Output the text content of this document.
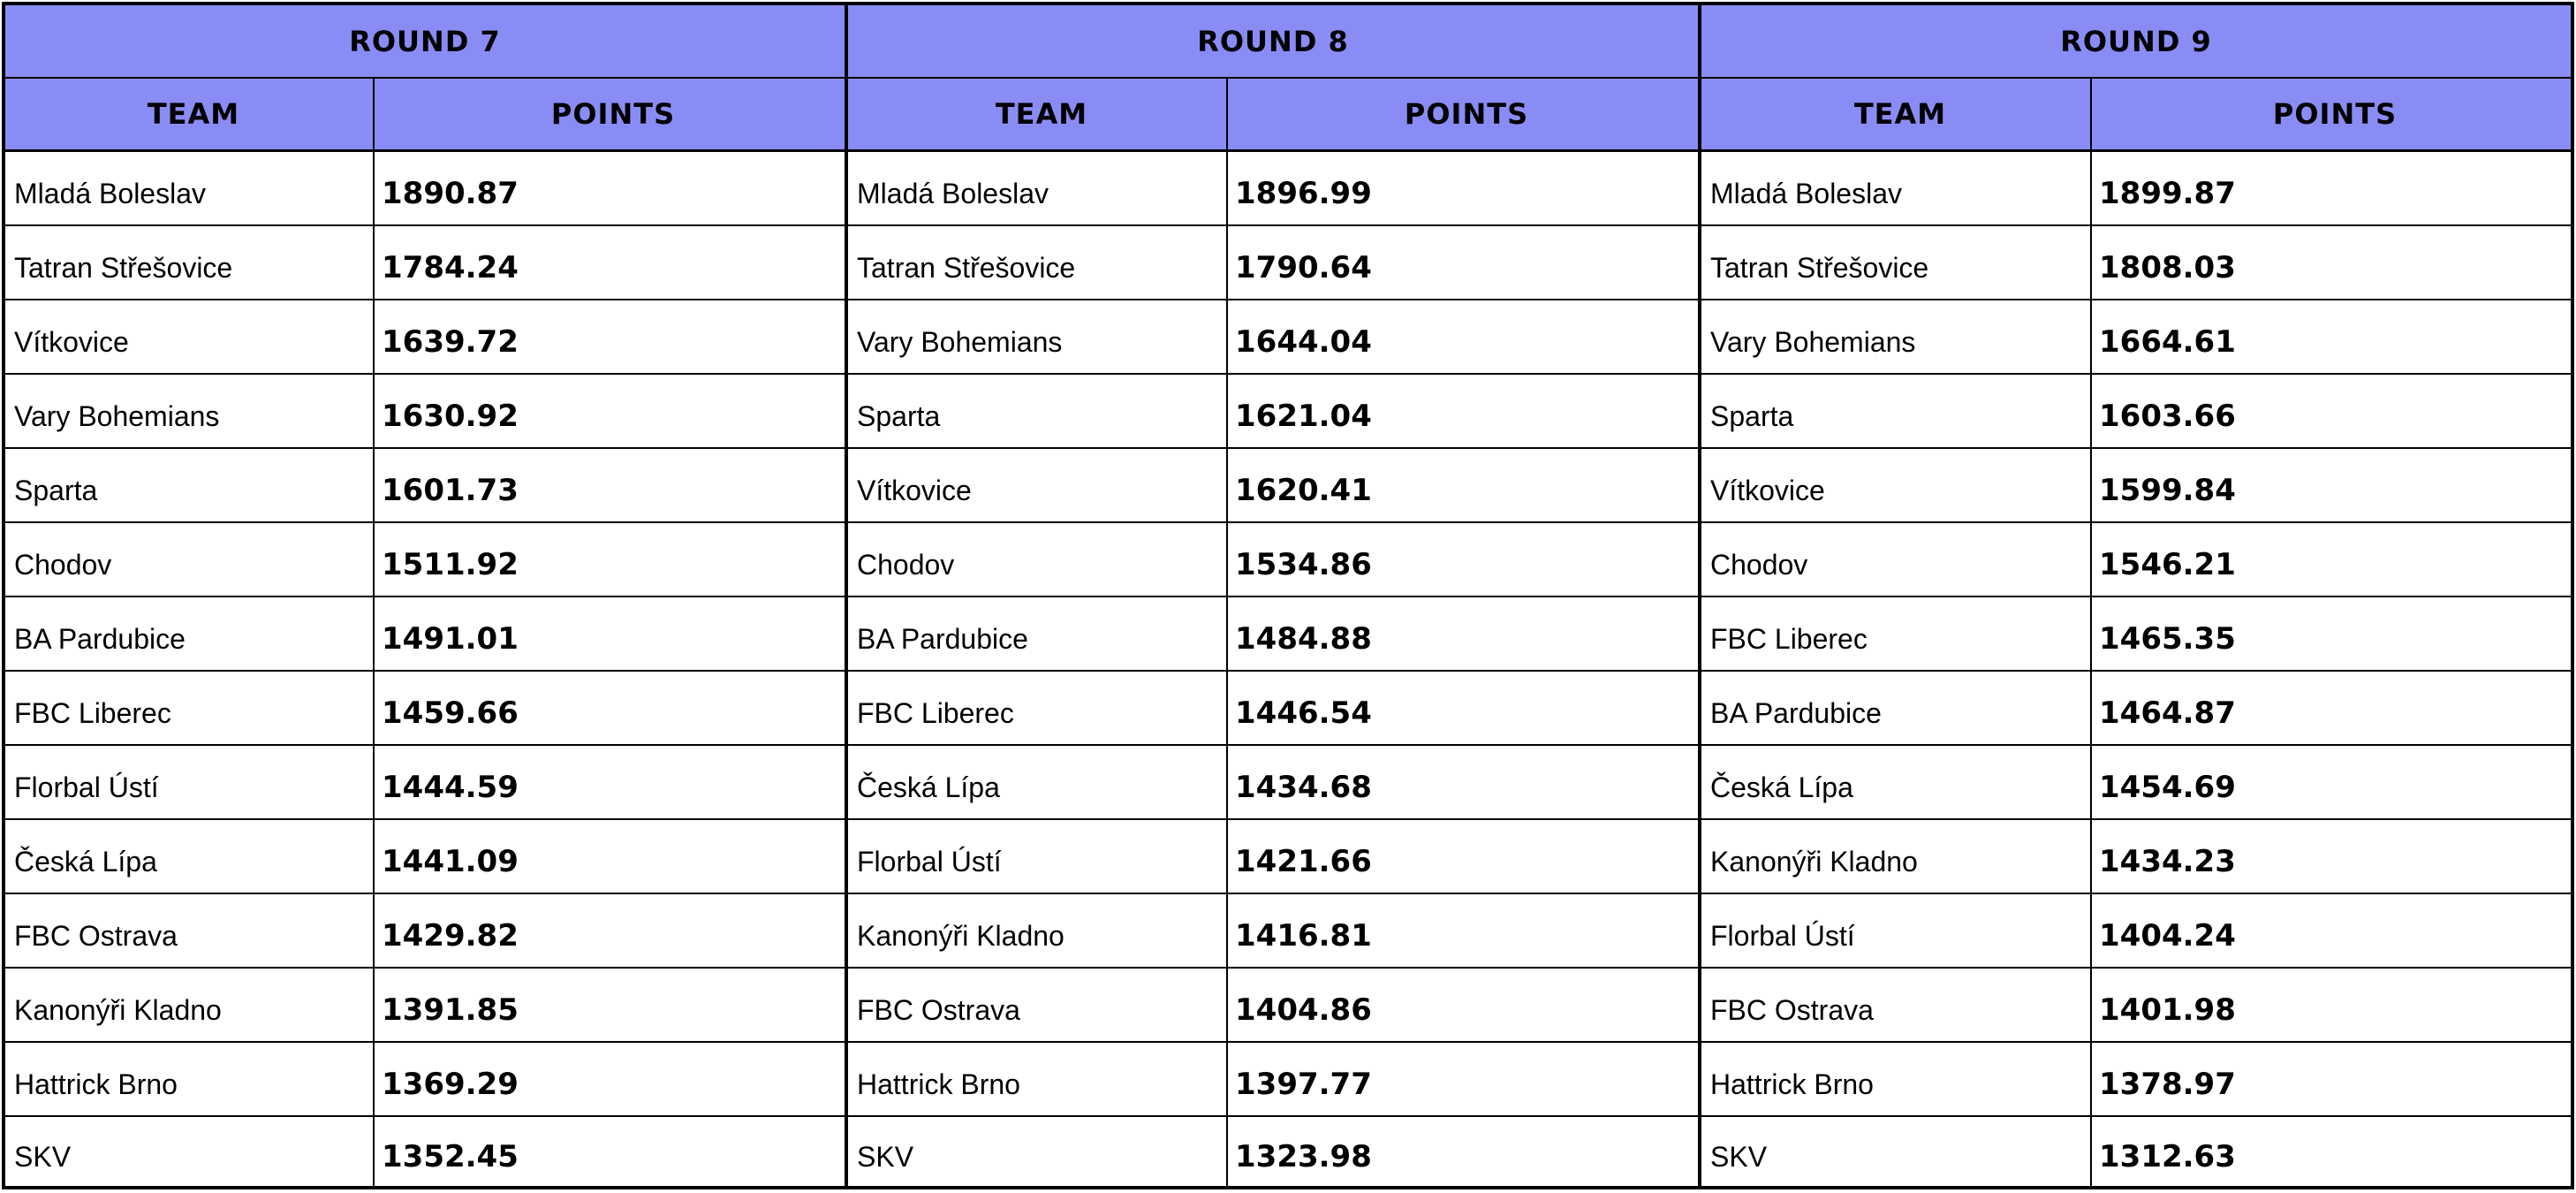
ROUND 7
TEAM	POINTS
Mladá Boleslav	1890.87
Tatran Střešovice	1784.24
Vítkovice	1639.72
Vary Bohemians	1630.92
Sparta	1601.73
Chodov	1511.92
BA Pardubice	1491.01
FBC Liberec	1459.66
Florbal Ústí	1444.59
Česká Lípa	1441.09
FBC Ostrava	1429.82
Kanonýři Kladno	1391.85
Hattrick Brno	1369.29
SKV	1352.45
ROUND 8
TEAM	POINTS
Mladá Boleslav	1896.99
Tatran Střešovice	1790.64
Vary Bohemians	1644.04
Sparta	1621.04
Vítkovice	1620.41
Chodov	1534.86
BA Pardubice	1484.88
FBC Liberec	1446.54
Česká Lípa	1434.68
Florbal Ústí	1421.66
Kanonýři Kladno	1416.81
FBC Ostrava	1404.86
Hattrick Brno	1397.77
SKV	1323.98
ROUND 9
TEAM	POINTS
Mladá Boleslav	1899.87
Tatran Střešovice	1808.03
Vary Bohemians	1664.61
Sparta	1603.66
Vítkovice	1599.84
Chodov	1546.21
FBC Liberec	1465.35
BA Pardubice	1464.87
Česká Lípa	1454.69
Kanonýři Kladno	1434.23
Florbal Ústí	1404.24
FBC Ostrava	1401.98
Hattrick Brno	1378.97
SKV	1312.63
